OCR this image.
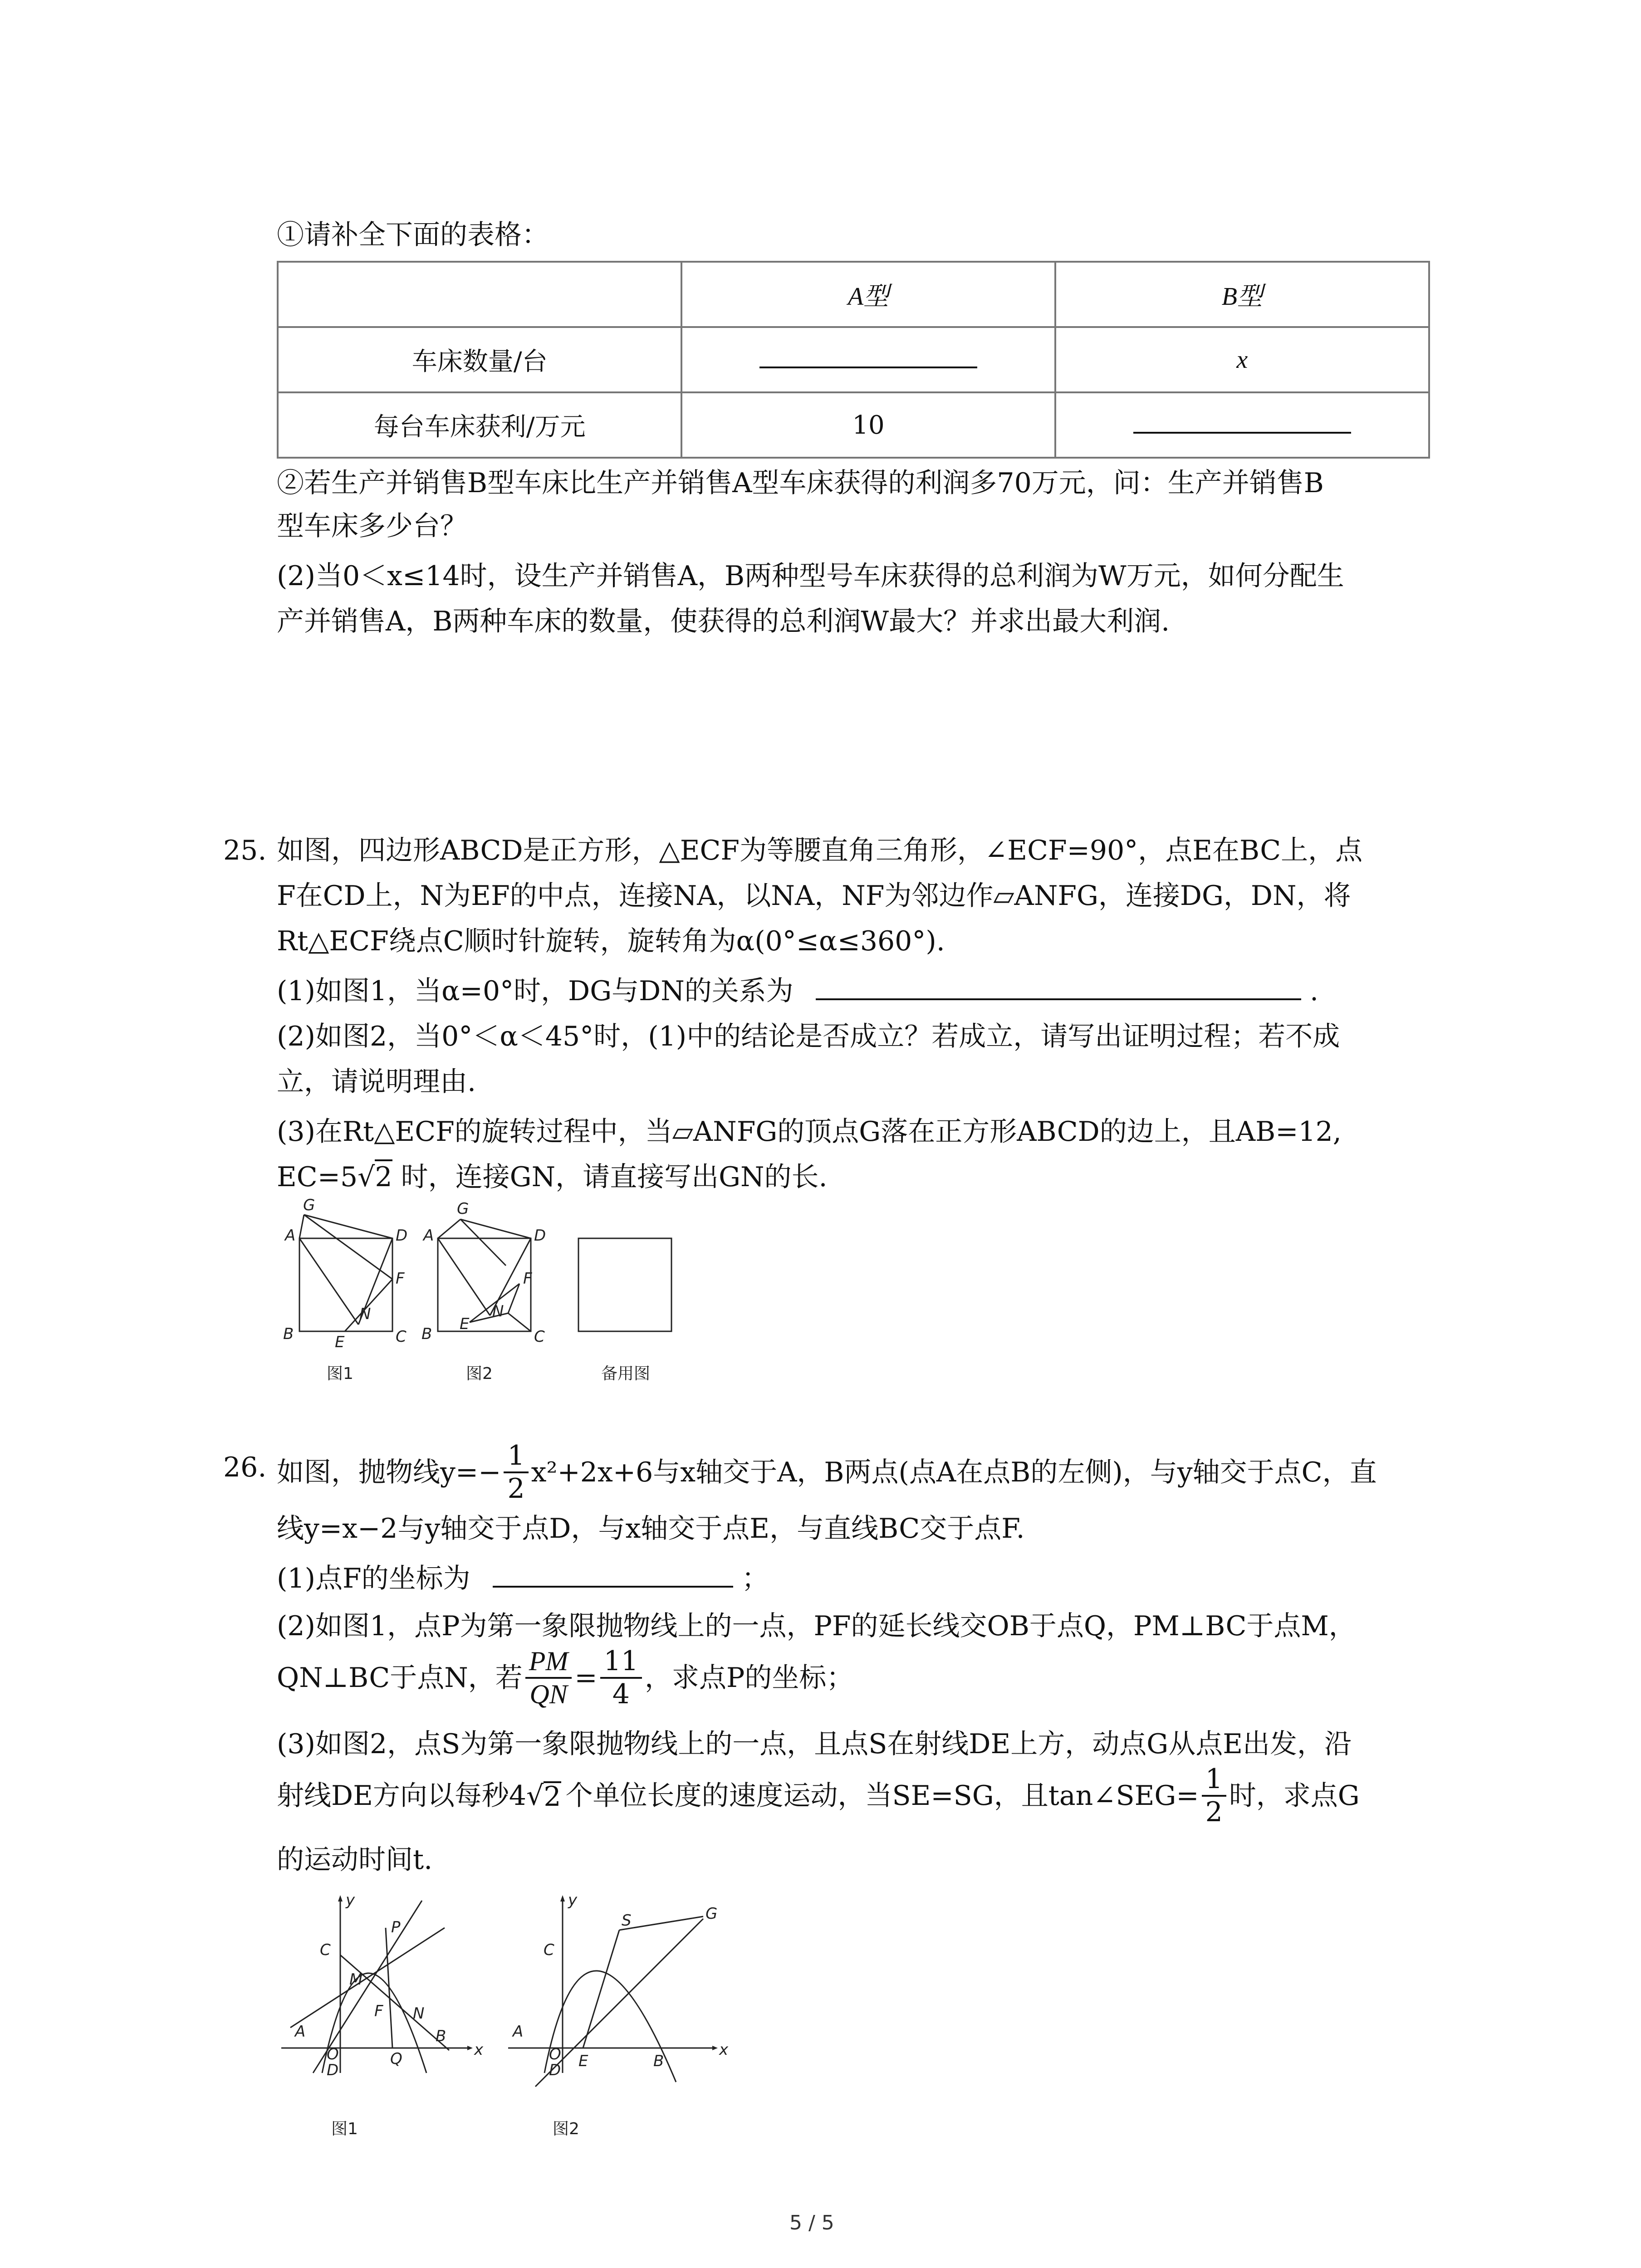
①请补全下面的表格：
	A型	B型
车床数量/台		x
每台车床获利/万元	10	
②若生产并销售B型车床比生产并销售A型车床获得的利润多70万元，问：生产并销售B
型车床多少台？
(2)当0＜x≤14时，设生产并销售A，B两种型号车床获得的总利润为W万元，如何分配生
产并销售A，B两种车床的数量，使获得的总利润W最大？并求出最大利润.
25. 如图，四边形ABCD是正方形，△ECF为等腰直角三角形，∠ECF=90°，点E在BC上，点
F在CD上，N为EF的中点，连接NA，以NA，NF为邻边作▱ANFG，连接DG，DN，将
Rt△ECF绕点C顺时针旋转，旋转角为α(0°≤α≤360°).
(1)如图1，当α=0°时，DG与DN的关系为	.
(2)如图2，当0°＜α＜45°时，(1)中的结论是否成立？若成立，请写出证明过程；若不成
立，请说明理由.
(3)在Rt△ECF的旋转过程中，当▱ANFG的顶点G落在正方形ABCD的边上，且AB=12,
EC=5√2 时，连接GN，请直接写出GN的长.
G
A	D
F
N
B	E	C
图1
G
A	D
F
N
B
E
C
图2	备用图
26. 如图，抛物线$y=- \frac{1}{2} x^2+2x+6$与x轴交于A，B两点(点A在点B的左侧)，与y轴交于点C，直
线y=x−2与y轴交于点D，与x轴交于点E，与直线BC交于点F.
(1)点F的坐标为	；
(2)如图1，点P为第一象限抛物线上的一点，PF的延长线交OB于点Q，PM⊥BC于点M，
QN⊥BC于点N，若 $\frac{PM}{QN} = \frac{11}{4}$ ，求点P的坐标；
(3)如图2，点S为第一象限抛物线上的一点，且点S在射线DE上方，动点G从点E出发，沿
射线DE方向以每秒4 √ 2 个单位长度的速度运动，当SE=SG，且tan∠SEG= $\frac{1}{2}$ 时，求点G
的运动时间t.
y
C
P
M
A
F N
B
O
D
Q	x
图1
y
S	G
C
A
O
D E	B
x
图2
5 / 5
